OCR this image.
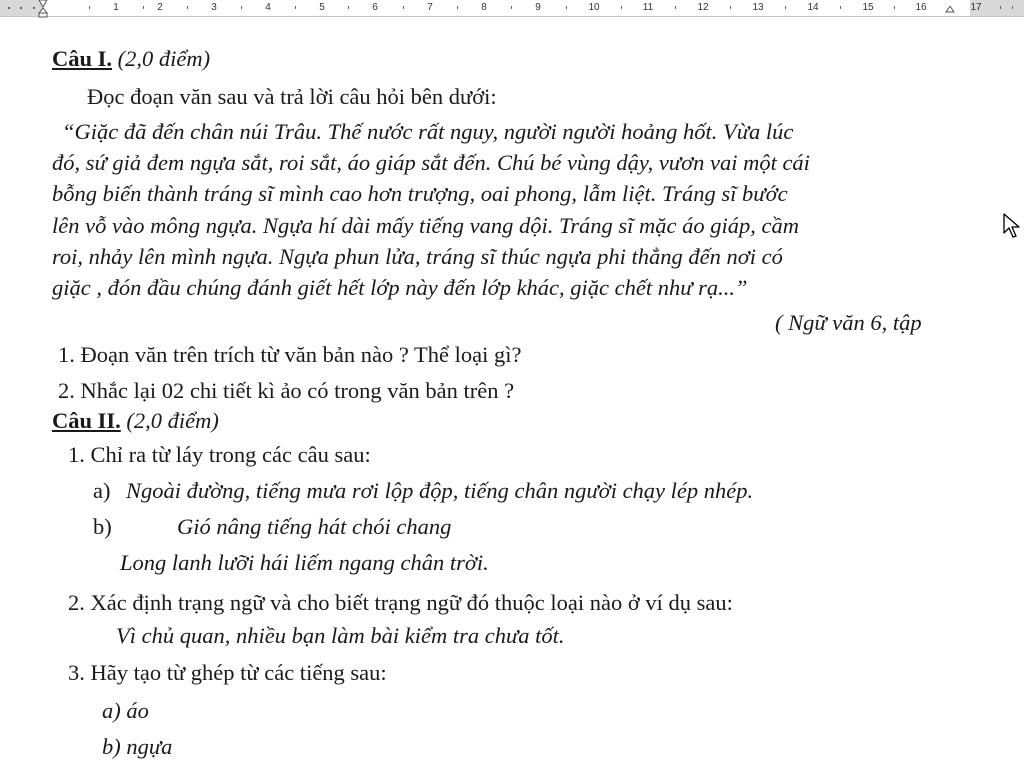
1	2	3	4	5	6	7	8	9	10	11	12	13	14	15	16	17
Câu I. (2,0 điểm)
Đọc đoạn văn sau và trả lời câu hỏi bên dưới:
“Giặc đã đến chân núi Trâu. Thế nước rất nguy, người người hoảng hốt. Vừa lúc
đó, sứ giả đem ngựa sắt, roi sắt, áo giáp sắt đến. Chú bé vùng dậy, vươn vai một cái
bỗng biến thành tráng sĩ mình cao hơn trượng, oai phong, lẫm liệt. Tráng sĩ bước
lên vỗ vào mông ngựa. Ngựa hí dài mấy tiếng vang dội. Tráng sĩ mặc áo giáp, cầm
roi, nhảy lên mình ngựa. Ngựa phun lửa, tráng sĩ thúc ngựa phi thẳng đến nơi có
giặc , đón đầu chúng đánh giết hết lớp này đến lớp khác, giặc chết như rạ...”
( Ngữ văn 6, tập
1. Đoạn văn trên trích từ văn bản nào ? Thể loại gì?
2. Nhắc lại 02 chi tiết kì ảo có trong văn bản trên ?
Câu II. (2,0 điểm)
1. Chỉ ra từ láy trong các câu sau:
a) Ngoài đường, tiếng mưa rơi lộp độp, tiếng chân người chạy lép nhép.
b)	Gió nâng tiếng hát chói chang
Long lanh lưỡi hái liếm ngang chân trời.
2. Xác định trạng ngữ và cho biết trạng ngữ đó thuộc loại nào ở ví dụ sau:
Vì chủ quan, nhiều bạn làm bài kiểm tra chưa tốt.
3. Hãy tạo từ ghép từ các tiếng sau:
a) áo
b) ngựa
